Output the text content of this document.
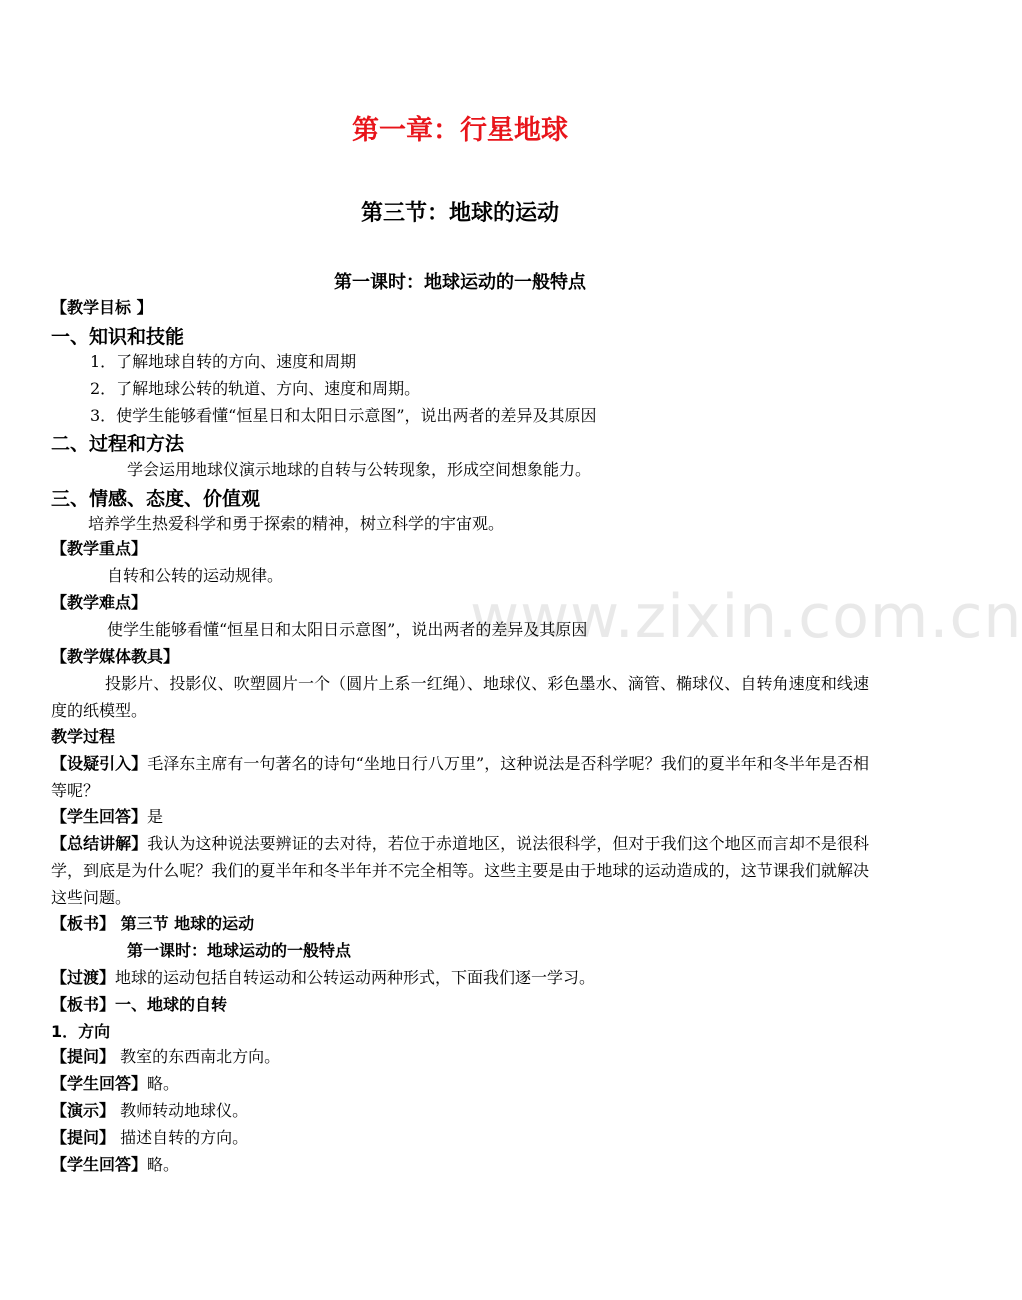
www.zixin.com.cn
第一章：行星地球
第三节：地球的运动
第一课时：地球运动的一般特点
【教学目标 】
一、知识和技能
1．了解地球自转的方向、速度和周期
2．了解地球公转的轨道、方向、速度和周期。
3．使学生能够看懂“恒星日和太阳日示意图”，说出两者的差异及其原因
二、过程和方法
学会运用地球仪演示地球的自转与公转现象，形成空间想象能力。
三、情感、态度、价值观
培养学生热爱科学和勇于探索的精神，树立科学的宇宙观。
【教学重点】
自转和公转的运动规律。
【教学难点】
使学生能够看懂“恒星日和太阳日示意图”，说出两者的差异及其原因
【教学媒体教具】
投影片、投影仪、吹塑圆片一个（圆片上系一红绳）、地球仪、彩色墨水、滴管、椭球仪、自转角速度和线速度的纸模型。
教学过程
【设疑引入】毛泽东主席有一句著名的诗句“坐地日行八万里”，这种说法是否科学呢？我们的夏半年和冬半年是否相等呢？
【学生回答】是
【总结讲解】我认为这种说法要辨证的去对待，若位于赤道地区，说法很科学，但对于我们这个地区而言却不是很科学，到底是为什么呢？我们的夏半年和冬半年并不完全相等。这些主要是由于地球的运动造成的，这节课我们就解决这些问题。
【板书】 第三节 地球的运动
第一课时：地球运动的一般特点
【过渡】地球的运动包括自转运动和公转运动两种形式，下面我们逐一学习。
【板书】一、地球的自转
1．方向
【提问】 教室的东西南北方向。
【学生回答】略。
【演示】 教师转动地球仪。
【提问】 描述自转的方向。
【学生回答】略。
